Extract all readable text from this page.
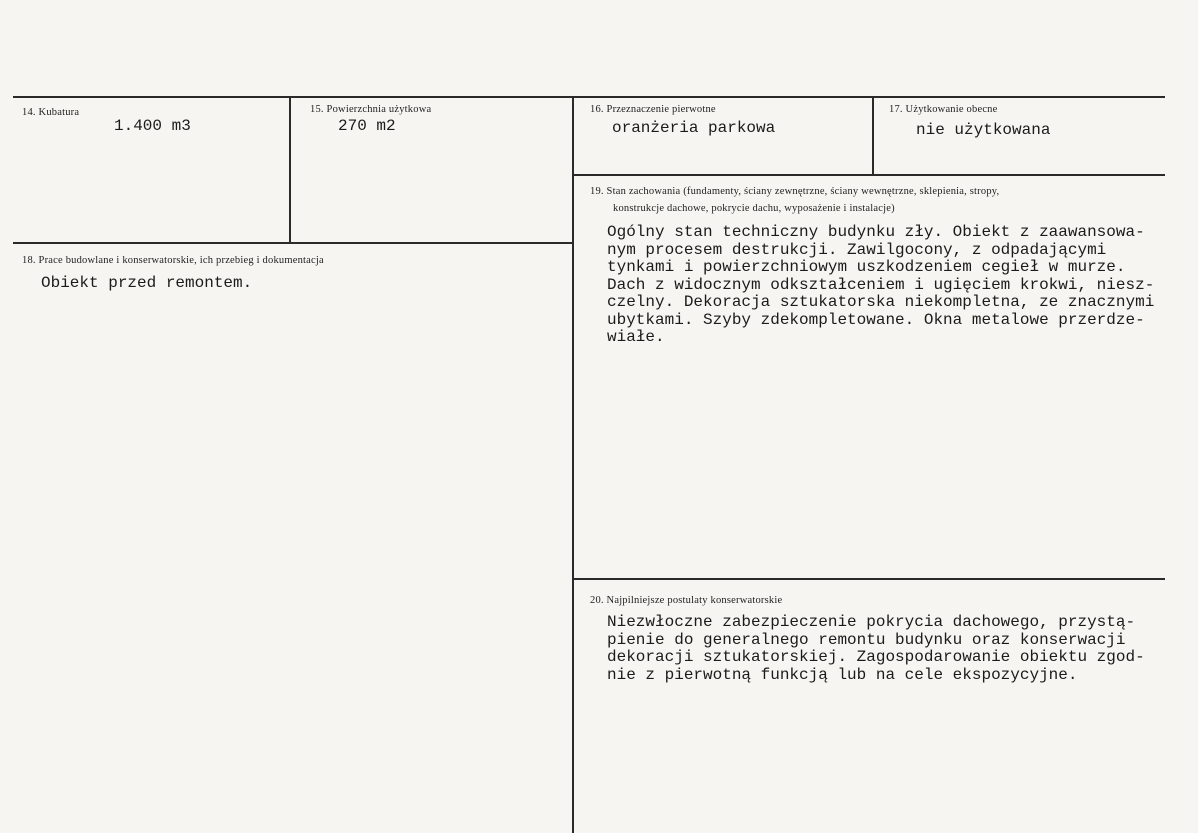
14. Kubatura
1.400 m3
15. Powierzchnia użytkowa
270 m2
16. Przeznaczenie pierwotne
oranżeria parkowa
17. Użytkowanie obecne
nie użytkowana
18. Prace budowlane i konserwatorskie, ich przebieg i dokumentacja
Obiekt przed remontem.
19. Stan zachowania (fundamenty, ściany zewnętrzne, ściany wewnętrzne, sklepienia, stropy,
konstrukcje dachowe, pokrycie dachu, wyposażenie i instalacje)
Ogólny stan techniczny budynku zły. Obiekt z zaawansowa-
nym procesem destrukcji. Zawilgocony, z odpadającymi
tynkami i powierzchniowym uszkodzeniem cegieł w murze.
Dach z widocznym odkształceniem i ugięciem krokwi, niesz-
czelny. Dekoracja sztukatorska niekompletna, ze znacznymi
ubytkami. Szyby zdekompletowane. Okna metalowe przerdze-
wiałe.
20. Najpilniejsze postulaty konserwatorskie
Niezwłoczne zabezpieczenie pokrycia dachowego, przystą-
pienie do generalnego remontu budynku oraz konserwacji
dekoracji sztukatorskiej. Zagospodarowanie obiektu zgod-
nie z pierwotną funkcją lub na cele ekspozycyjne.
